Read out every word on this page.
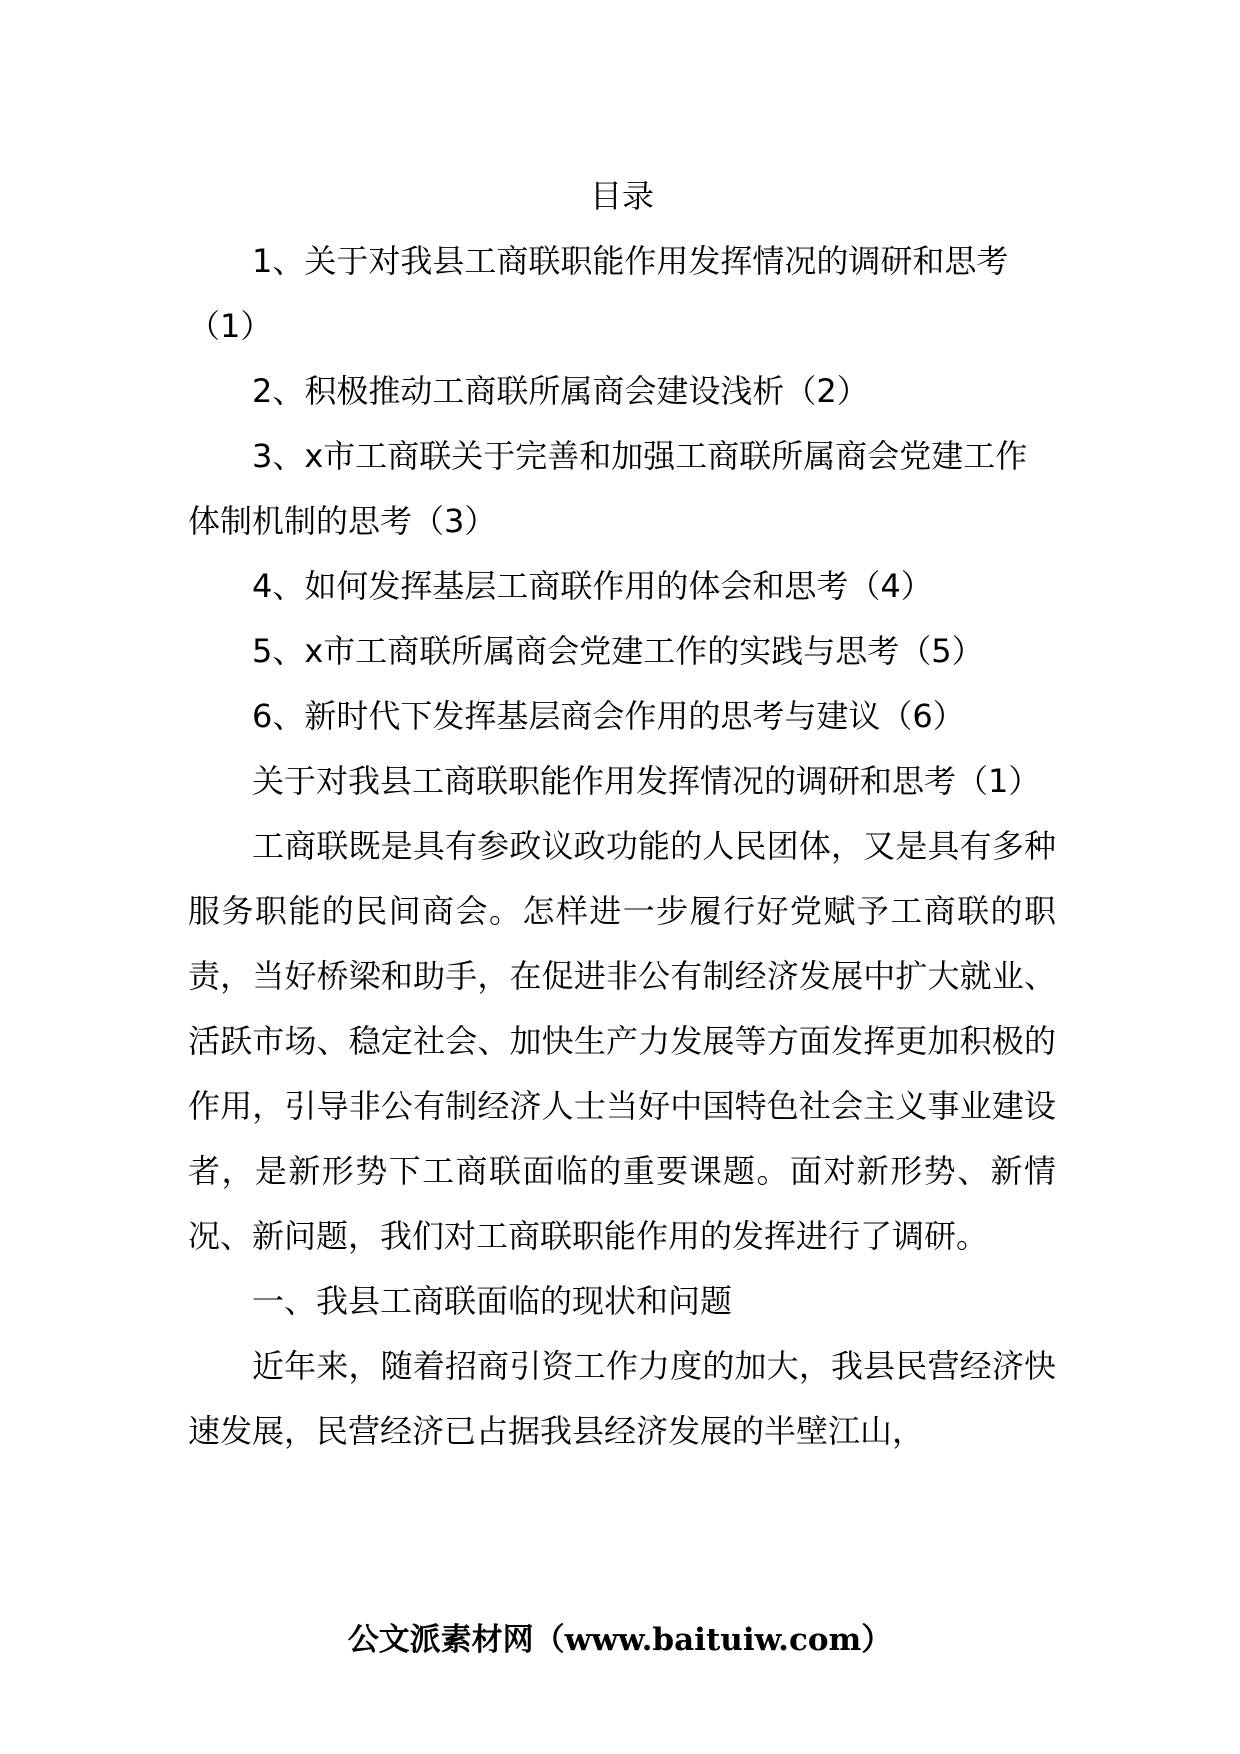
目录

1、关于对我县工商联职能作用发挥情况的调研和思考（1）

2、积极推动工商联所属商会建设浅析（2）

3、x市工商联关于完善和加强工商联所属商会党建工作体制机制的思考（3）

4、如何发挥基层工商联作用的体会和思考（4）

5、x市工商联所属商会党建工作的实践与思考（5）

6、新时代下发挥基层商会作用的思考与建议（6）

关于对我县工商联职能作用发挥情况的调研和思考（1）

工商联既是具有参政议政功能的人民团体，又是具有多种服务职能的民间商会。怎样进一步履行好党赋予工商联的职责，当好桥梁和助手，在促进非公有制经济发展中扩大就业、活跃市场、稳定社会、加快生产力发展等方面发挥更加积极的作用，引导非公有制经济人士当好中国特色社会主义事业建设者，是新形势下工商联面临的重要课题。面对新形势、新情况、新问题，我们对工商联职能作用的发挥进行了调研。

一、我县工商联面临的现状和问题

近年来，随着招商引资工作力度的加大，我县民营经济快速发展，民营经济已占据我县经济发展的半壁江山，

公文派素材网（www.baituiw.com）
